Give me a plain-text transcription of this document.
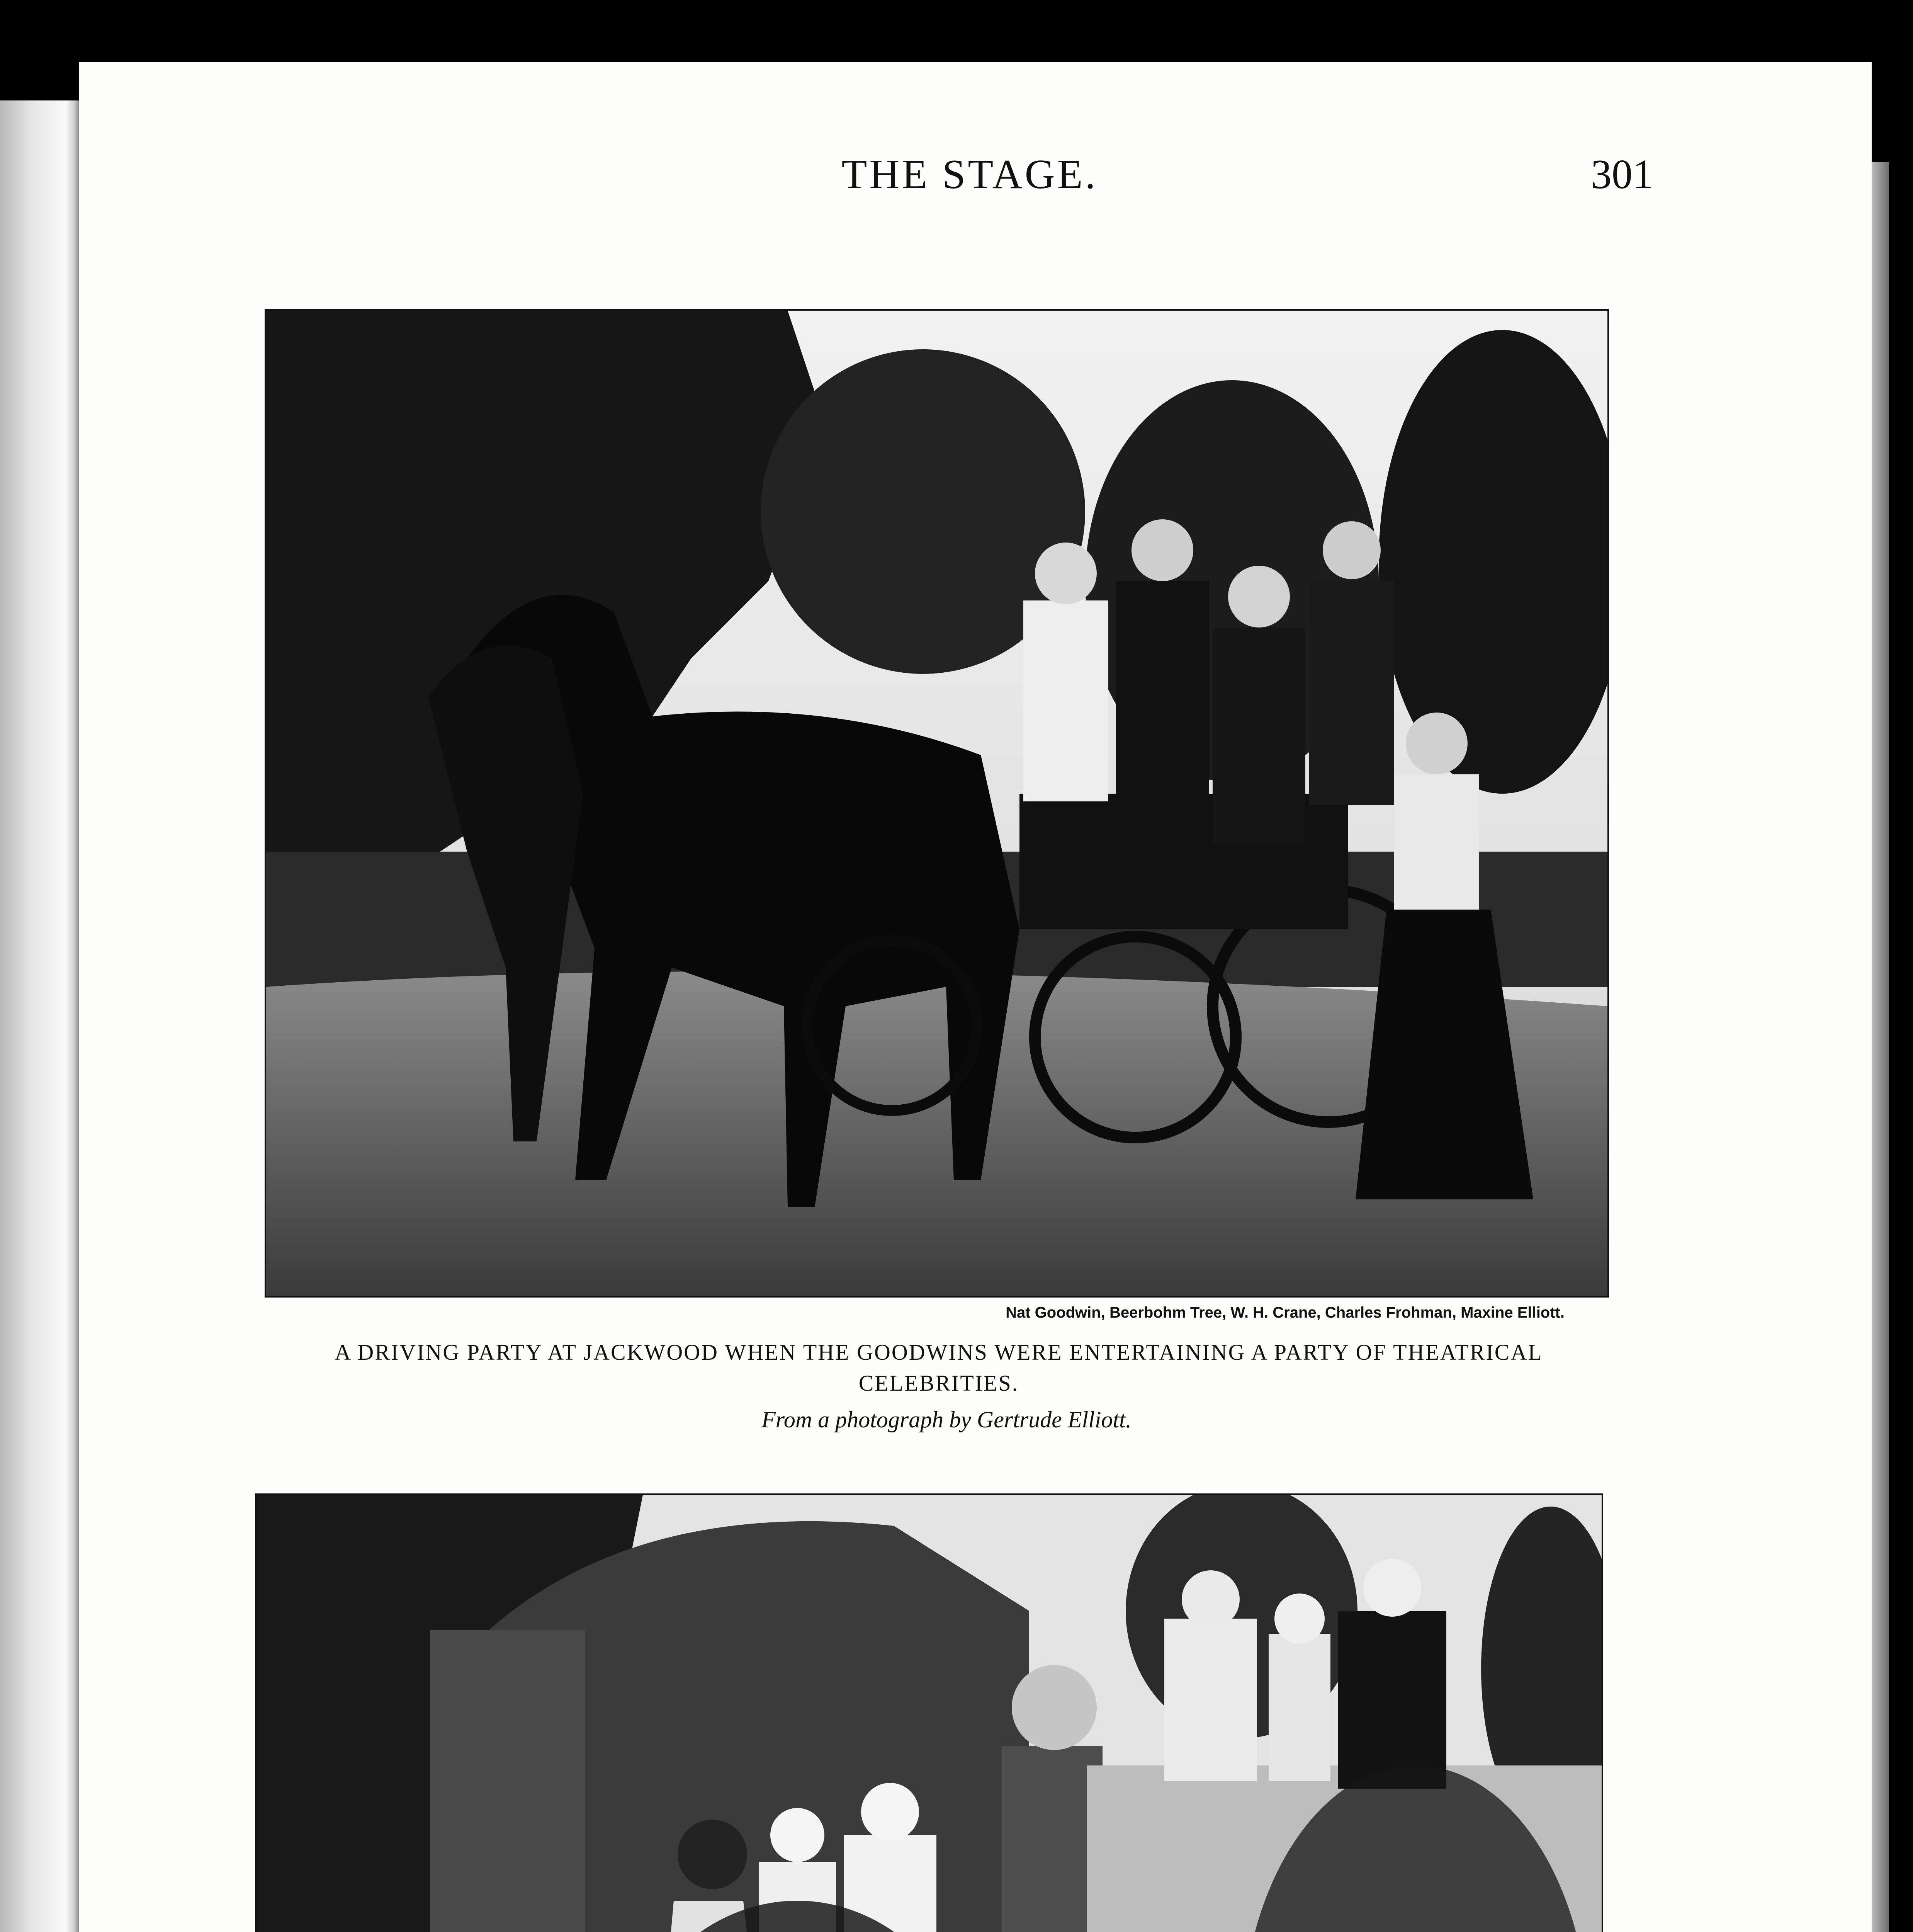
THE STAGE.	301
Nat Goodwin, Beerbohm Tree, W. H. Crane, Charles Frohman, Maxine Elliott.
A DRIVING PARTY AT JACKWOOD WHEN THE GOODWINS WERE ENTERTAINING A PARTY OF THEATRICAL CELEBRITIES.
From a photograph by Gertrude Elliott.
